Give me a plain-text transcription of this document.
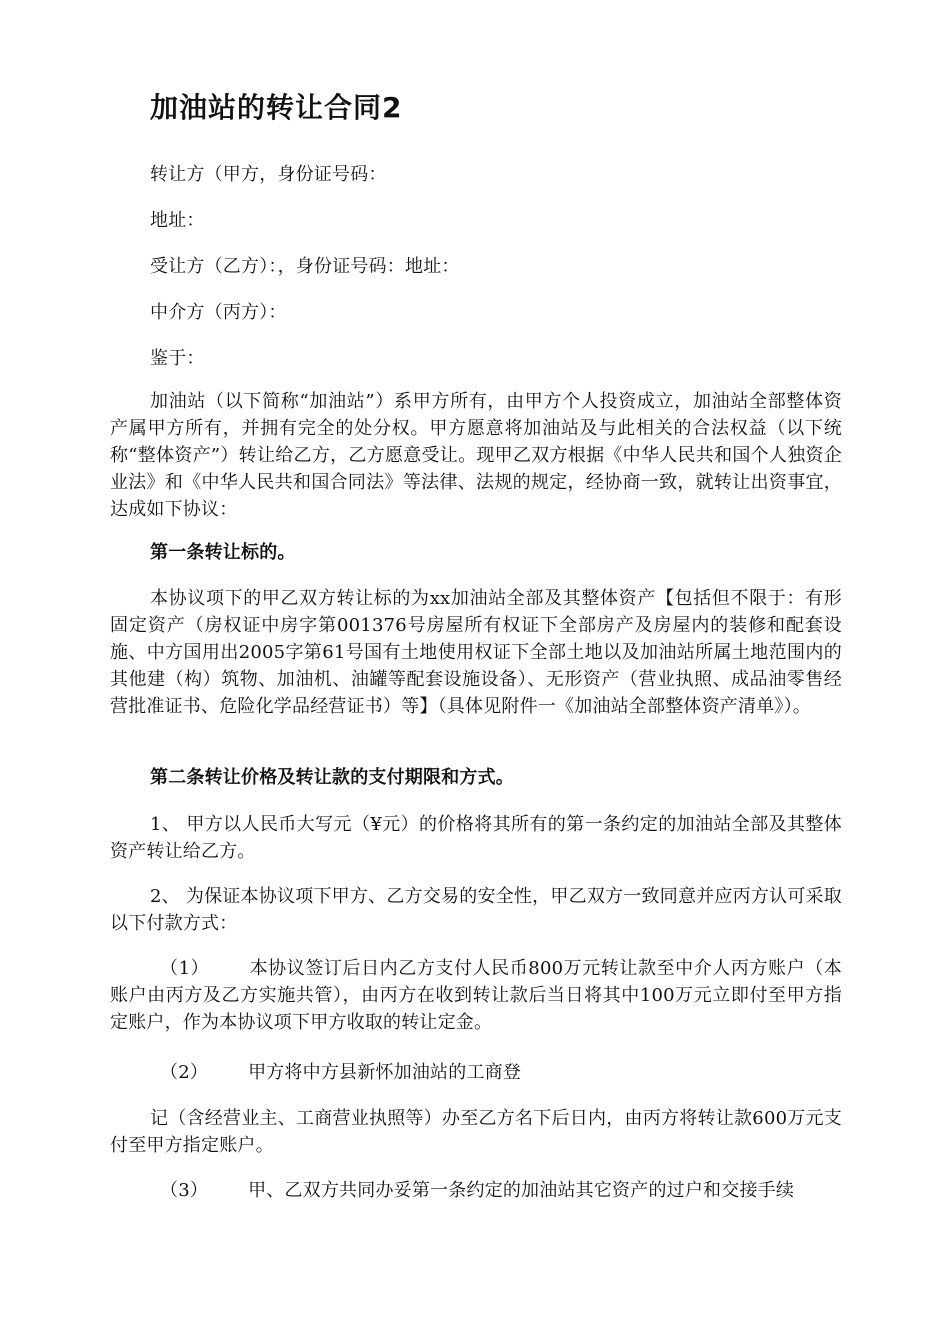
加油站的转让合同2

转让方（甲方，身份证号码：

地址：

受让方（乙方）：，身份证号码：地址：

中介方（丙方）：

鉴于：

加油站（以下简称“加油站”）系甲方所有，由甲方个人投资成立，加油站全部整体资产属甲方所有，并拥有完全的处分权。甲方愿意将加油站及与此相关的合法权益（以下统称“整体资产”）转让给乙方，乙方愿意受让。现甲乙双方根据《中华人民共和国个人独资企业法》和《中华人民共和国合同法》等法律、法规的规定，经协商一致，就转让出资事宜，达成如下协议：

第一条转让标的。

本协议项下的甲乙双方转让标的为xx加油站全部及其整体资产【包括但不限于：有形固定资产（房权证中房字第001376号房屋所有权证下全部房产及房屋内的装修和配套设施、中方国用出2005字第61号国有土地使用权证下全部土地以及加油站所属土地范围内的其他建（构）筑物、加油机、油罐等配套设施设备）、无形资产（营业执照、成品油零售经营批准证书、危险化学品经营证书）等】（具体见附件一《加油站全部整体资产清单》）。

第二条转让价格及转让款的支付期限和方式。

1、 甲方以人民币大写元（¥元）的价格将其所有的第一条约定的加油站全部及其整体资产转让给乙方。

2、 为保证本协议项下甲方、乙方交易的安全性，甲乙双方一致同意并应丙方认可采取以下付款方式：

（1） 本协议签订后日内乙方支付人民币800万元转让款至中介人丙方账户（本账户由丙方及乙方实施共管），由丙方在收到转让款后当日将其中100万元立即付至甲方指定账户，作为本协议项下甲方收取的转让定金。

（2） 甲方将中方县新怀加油站的工商登

记（含经营业主、工商营业执照等）办至乙方名下后日内，由丙方将转让款600万元支付至甲方指定账户。

（3） 甲、乙双方共同办妥第一条约定的加油站其它资产的过户和交接手续
